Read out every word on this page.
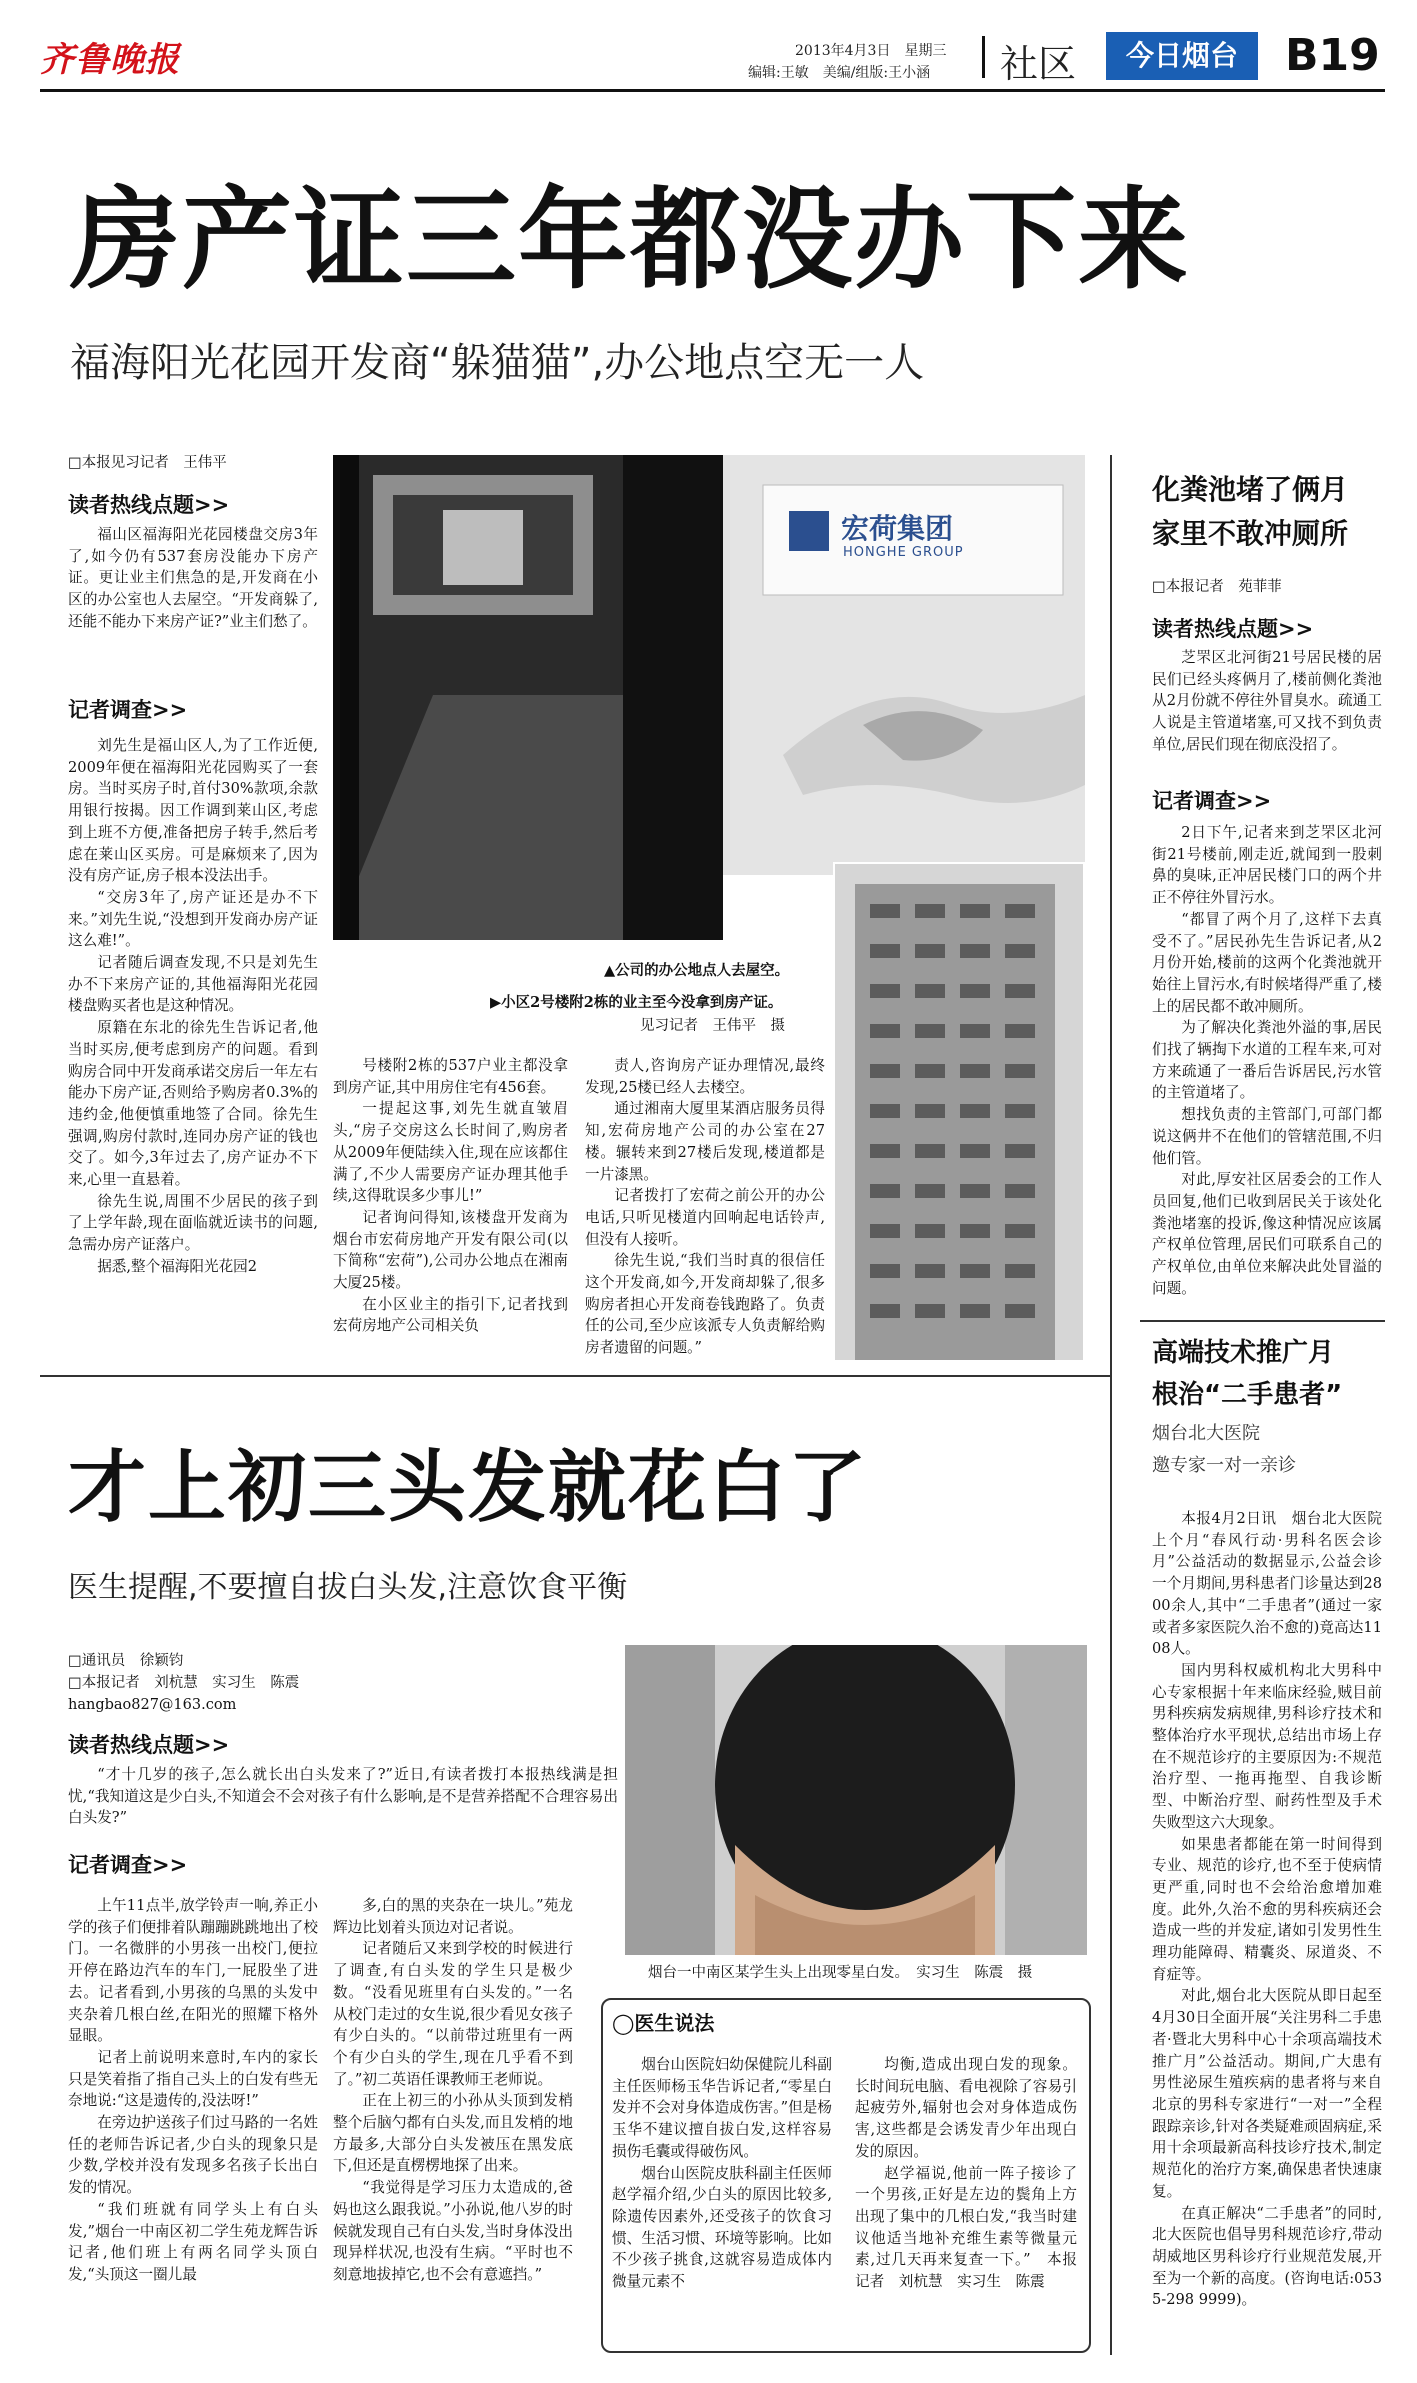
齐鲁晚报	2013年4月3日　 星期三
编辑:王敏　美编/组版:王小涵 社区	今日烟台	B19
房产证三年都没办下来
福海阳光花园开发商“躲猫猫”,办公地点空无一人
□本报见习记者　王伟平
读者热线点题>>

福山区福海阳光花园楼盘交房3年了,如今仍有537套房没能办下房产证。更让业主们焦急的是,开发商在小区的办公室也人去屋空。“开发商躲了,还能不能办下来房产证?”业主们愁了。

记者调查>>

刘先生是福山区人,为了工作近便,2009年便在福海阳光花园购买了一套房。当时买房子时,首付30%款项,余款用银行按揭。因工作调到莱山区,考虑到上班不方便,准备把房子转手,然后考虑在莱山区买房。可是麻烦来了,因为没有房产证,房子根本没法出手。

“交房3年了,房产证还是办不下来。”刘先生说,“没想到开发商办房产证这么难!”。

记者随后调查发现,不只是刘先生办不下来房产证的,其他福海阳光花园楼盘购买者也是这种情况。

原籍在东北的徐先生告诉记者,他当时买房,便考虑到房产的问题。看到购房合同中开发商承诺交房后一年左右能办下房产证,否则给予购房者0.3%的违约金,他便慎重地签了合同。徐先生强调,购房付款时,连同办房产证的钱也交了。如今,3年过去了,房产证办不下来,心里一直悬着。

徐先生说,周围不少居民的孩子到了上学年龄,现在面临就近读书的问题,急需办房产证落户。

据悉,整个福海阳光花园2

宏荷集团
HONGHE GROUP
▲公司的办公地点人去屋空。
▶小区2号楼附2栋的业主至今没拿到房产证。
见习记者　王伟平　摄

号楼附2栋的537户业主都没拿到房产证,其中用房住宅有456套。

一提起这事,刘先生就直皱眉头,“房子交房这么长时间了,购房者从2009年便陆续入住,现在应该都住满了,不少人需要房产证办理其他手续,这得耽误多少事儿!”

记者询问得知,该楼盘开发商为烟台市宏荷房地产开发有限公司(以下简称“宏荷”),公司办公地点在湘南大厦25楼。

在小区业主的指引下,记者找到宏荷房地产公司相关负

责人,咨询房产证办理情况,最终发现,25楼已经人去楼空。

通过湘南大厦里某酒店服务员得知,宏荷房地产公司的办公室在27楼。辗转来到27楼后发现,楼道都是一片漆黑。

记者拨打了宏荷之前公开的办公电话,只听见楼道内回响起电话铃声,但没有人接听。

徐先生说,“我们当时真的很信任这个开发商,如今,开发商却躲了,很多购房者担心开发商卷钱跑路了。负责任的公司,至少应该派专人负责解给购房者遗留的问题。”

化粪池堵了俩月
家里不敢冲厕所
□本报记者　苑菲菲
读者热线点题>>

芝罘区北河街21号居民楼的居民们已经头疼俩月了,楼前侧化粪池从2月份就不停往外冒臭水。疏通工人说是主管道堵塞,可又找不到负责单位,居民们现在彻底没招了。

记者调查>>

2日下午,记者来到芝罘区北河街21号楼前,刚走近,就闻到一股刺鼻的臭味,正冲居民楼门口的两个井正不停往外冒污水。

“都冒了两个月了,这样下去真受不了。”居民孙先生告诉记者,从2月份开始,楼前的这两个化粪池就开始往上冒污水,有时候堵得严重了,楼上的居民都不敢冲厕所。

为了解决化粪池外溢的事,居民们找了辆掏下水道的工程车来,可对方来疏通了一番后告诉居民,污水管的主管道堵了。

想找负责的主管部门,可部门都说这俩井不在他们的管辖范围,不归他们管。

对此,厚安社区居委会的工作人员回复,他们已收到居民关于该处化粪池堵塞的投诉,像这种情况应该属产权单位管理,居民们可联系自己的产权单位,由单位来解决此处冒溢的问题。

高端技术推广月
根治“二手患者”
烟台北大医院
邀专家一对一亲诊

本报4月2日讯　烟台北大医院上个月“春风行动·男科名医会诊月”公益活动的数据显示,公益会诊一个月期间,男科患者门诊量达到2800余人,其中“二手患者”(通过一家或者多家医院久治不愈的)竟高达1108人。

国内男科权威机构北大男科中心专家根据十年来临床经验,贼目前男科疾病发病规律,男科诊疗技术和整体治疗水平现状,总结出市场上存在不规范诊疗的主要原因为:不规范治疗型、一拖再拖型、自我诊断型、中断治疗型、耐药性型及手术失败型这六大现象。

如果患者都能在第一时间得到专业、规范的诊疗,也不至于使病情更严重,同时也不会给治愈增加难度。此外,久治不愈的男科疾病还会造成一些的并发症,诸如引发男性生理功能障碍、精囊炎、尿道炎、不育症等。

对此,烟台北大医院从即日起至4月30日全面开展“关注男科二手患者·暨北大男科中心十余项高端技术推广月”公益活动。期间,广大患有男性泌尿生殖疾病的患者将与来自北京的男科专家进行“一对一”全程跟踪亲诊,针对各类疑难顽固病症,采用十余项最新高科技诊疗技术,制定规范化的治疗方案,确保患者快速康复。

在真正解决“二手患者”的同时,北大医院也倡导男科规范诊疗,带动胡威地区男科诊疗行业规范发展,开至为一个新的高度。(咨询电话:0535-298 9999)。

才上初三头发就花白了
医生提醒,不要擅自拔白头发,注意饮食平衡
□通讯员　徐颖钧
□本报记者　刘杭慧　实习生　陈震
hangbao827@163.com
读者热线点题>>

“才十几岁的孩子,怎么就长出白头发来了?”近日,有读者拨打本报热线满是担忧,“我知道这是少白头,不知道会不会对孩子有什么影响,是不是营养搭配不合理容易出白头发?”

记者调查>>

上午11点半,放学铃声一响,养正小学的孩子们便排着队蹦蹦跳跳地出了校门。一名微胖的小男孩一出校门,便拉开停在路边汽车的车门,一屁股坐了进去。记者看到,小男孩的乌黑的头发中夹杂着几根白丝,在阳光的照耀下格外显眼。

记者上前说明来意时,车内的家长只是笑着指了指自己头上的白发有些无奈地说:“这是遗传的,没法呀!”

在旁边护送孩子们过马路的一名姓任的老师告诉记者,少白头的现象只是少数,学校并没有发现多名孩子长出白发的情况。

“我们班就有同学头上有白头发,”烟台一中南区初二学生苑龙辉告诉记者,他们班上有两名同学头顶白发,“头顶这一圈儿最

多,白的黑的夹杂在一块儿。”苑龙辉边比划着头顶边对记者说。

记者随后又来到学校的时候进行了调查,有白头发的学生只是极少数。“没看见班里有白头发的。”一名从校门走过的女生说,很少看见女孩子有少白头的。“以前带过班里有一两个有少白头的学生,现在几乎看不到了。”初二英语任课教师王老师说。

正在上初三的小孙从头顶到发梢整个后脑勺都有白头发,而且发梢的地方最多,大部分白头发被压在黑发底下,但还是直楞楞地探了出来。

“我觉得是学习压力太造成的,爸妈也这么跟我说。”小孙说,他八岁的时候就发现自己有白头发,当时身体没出现异样状况,也没有生病。“平时也不刻意地拔掉它,也不会有意遮挡。”

烟台一中南区某学生头上出现零星白发。　实习生　陈震　摄
◯医生说法

烟台山医院妇幼保健院儿科副主任医师杨玉华告诉记者,“零星白发并不会对身体造成伤害。”但是杨玉华不建议擅自拔白发,这样容易损伤毛囊或得破伤风。

烟台山医院皮肤科副主任医师赵学福介绍,少白头的原因比较多,除遗传因素外,还受孩子的饮食习惯、生活习惯、环境等影响。比如不少孩子挑食,这就容易造成体内微量元素不

均衡,造成出现白发的现象。长时间玩电脑、看电视除了容易引起疲劳外,辐射也会对身体造成伤害,这些都是会诱发青少年出现白发的原因。

赵学福说,他前一阵子接诊了一个男孩,正好是左边的鬓角上方出现了集中的几根白发,“我当时建议他适当地补充维生素等微量元素,过几天再来复查一下。”　本报记者　刘杭慧　实习生　陈震
